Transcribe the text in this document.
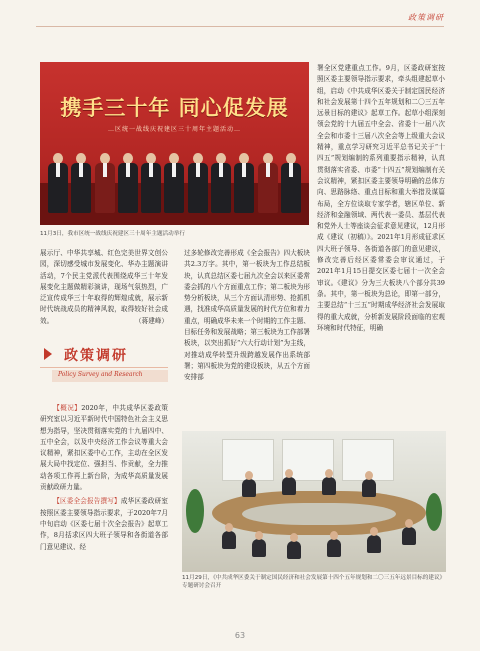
政策调研
携手三十年 同心促发展
…区统一战线庆祝建区三十周年主题活动…
11月3日，我市区统一战线庆祝建区三十周年主题活动举行

展示厅、中华共享城、红色完美世界文创公园，深切感受城市发展变化、华办主题演讲活动，7个民主党派代表围绕成华三十年发展变化主题做精彩演讲，现场气氛热烈，广泛宣传成华三十年取得的辉煌成就，展示新时代统战成员的精神风貌，取得较好社会成效。	（蒋建峰）

政策调研
Policy Survey and Research

【概况】2020年，中共成华区委政策研究室以习近平新时代中国特色社会主义思想为指导，坚决贯彻落实党的十九届四中、五中全会，以及中央经济工作会议等重大会议精神，紧扣区委中心工作，主动在全区发展大局中找定位、强担当、作贡献，全力推动各项工作再上新台阶，为成华高质量发展贡献政研力量。

【区委全会报告撰写】成华区委政研室按照区委主要领导指示要求，于2020年7月中旬启动《区委七届十次全会报告》起草工作，8月括求区四大班子领导和各街道各部门意见建议、经

过多轮修改完善形成《全会报告》四大板块共2.3万字。其中，第一板块为工作总结板块，认真总结区委七届九次全会以来区委常委会抓的八个方面重点工作；第二板块为形势分析板块，从三个方面认清形势、抢抓机遇，找准成华高质量发展的时代方位和着力重点，明确成华未来一个时期的工作主题、目标任务和发展战略；第三板块为工作部署板块，以突出抓好“六大行动计划”为主线，对推动成华转型升级跨越发展作出系统部署；第四板块为党的建设板块，从五个方面安排部

署全区党建重点工作。9月，区委政研室按照区委主要领导指示要求，牵头组建起草小组，启动《中共成华区委关于制定国民经济和社会发展第十四个五年规划和二〇三五年远景目标的建议》起草工作。起草小组深刻领会党的十九届五中全会、省委十一届八次全会和市委十三届八次全会等上级重大会议精神，重点学习研究习近平总书记关于“十四五”规划编制的系列重要指示精神，认真贯彻落实省委、市委“十四五”规划编制有关会议精神，紧扣区委主要领导明确的总体方向、思路脉络、重点目标和重大举措及谋篇布局，全方位谈取专家学者，辖区单位、新经济和金融领域、两代表一委员、基层代表和党外人士等座谈会征求意见建议，12月形成《建议（初稿）》。2021年1月形成征求区四大班子领导、各街道各部门的意见建议，修改完善后经区委常委会审议通过，于2021年1月15日提交区委七届十一次全会审议。《建议》分为三大板块八个部分共39条。其中，第一板块为总论，即第一部分，主要总结“十三五”时期成华经济社会发展取得的重大成就，分析新发展阶段面临的宏观环境和时代特征，明确

11月29日，《中共成华区委关于制定国民经济和社会发展第十四个五年规划和二〇三五年远景目标的建议》专题研讨会召开
63
